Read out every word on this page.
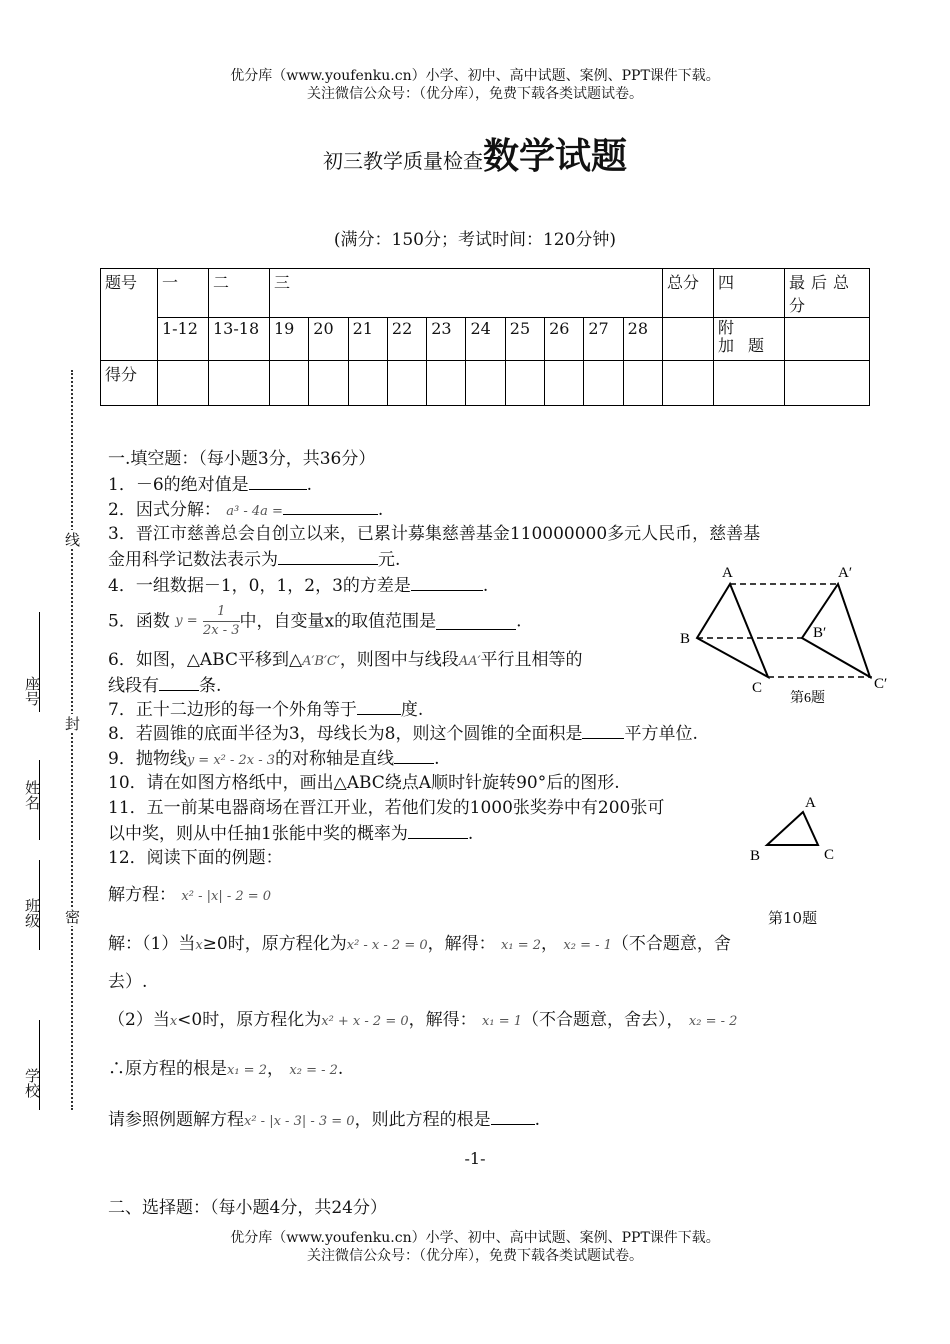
优分库（www.youfenku.cn）小学、初中、高中试题、案例、PPT课件下载。
关注微信公众号：（优分库），免费下载各类试题试卷。
初三教学质量检查数学试题
(满分：150分；考试时间：120分钟)
题号	一	二	三										总分	四	最后总分
	1-12	13-18	19	20	21	22	23	24	25	26	27	28		附 加题	
得分															
线
封
密
座号
姓名
班级
学校
一.填空题：（每小题3分，共36分）
1．－6的绝对值是	.
2．因式分解： a³ - 4a =	.
3．晋江市慈善总会自创立以来，已累计募集慈善基金110000000多元人民币，慈善基
金用科学记数法表示为	元.
4．一组数据－1，0，1，2，3的方差是	.
5．函数 $y = \frac{1}{2x - 3}$ 中，自变量x的取值范围是	.
6．如图，△ABC平移到△A′B′C′，则图中与线段AA′平行且相等的
线段有 条.
7．正十二边形的每一个外角等于	度.
8．若圆锥的底面半径为3，母线长为8，则这个圆锥的全面积是 平方单位.
9．抛物线y = x² - 2x - 3的对称轴是直线 .
10．请在如图方格纸中，画出△ABC绕点A顺时针旋转90°后的图形.
11．五一前某电器商场在晋江开业，若他们发的1000张奖券中有200张可
以中奖，则从中任抽1张能中奖的概率为	.
12．阅读下面的例题：
解方程： x² - |x| - 2 = 0
解：（1）当x≥0时，原方程化为x² - x - 2 = 0，解得： x₁ = 2， x₂ = - 1（不合题意，舍
去）.
（2）当x<0时，原方程化为x² + x - 2 = 0，解得： x₁ = 1（不合题意，舍去）， x₂ = - 2
∴原方程的根是x₁ = 2， x₂ = - 2.
请参照例题解方程x² - |x - 3| - 3 = 0，则此方程的根是	.
A	A′
B	B′
C	C′
第6题
A
B	C
第10题
-1-
二、选择题：（每小题4分，共24分）
优分库（www.youfenku.cn）小学、初中、高中试题、案例、PPT课件下载。
关注微信公众号：（优分库），免费下载各类试题试卷。
